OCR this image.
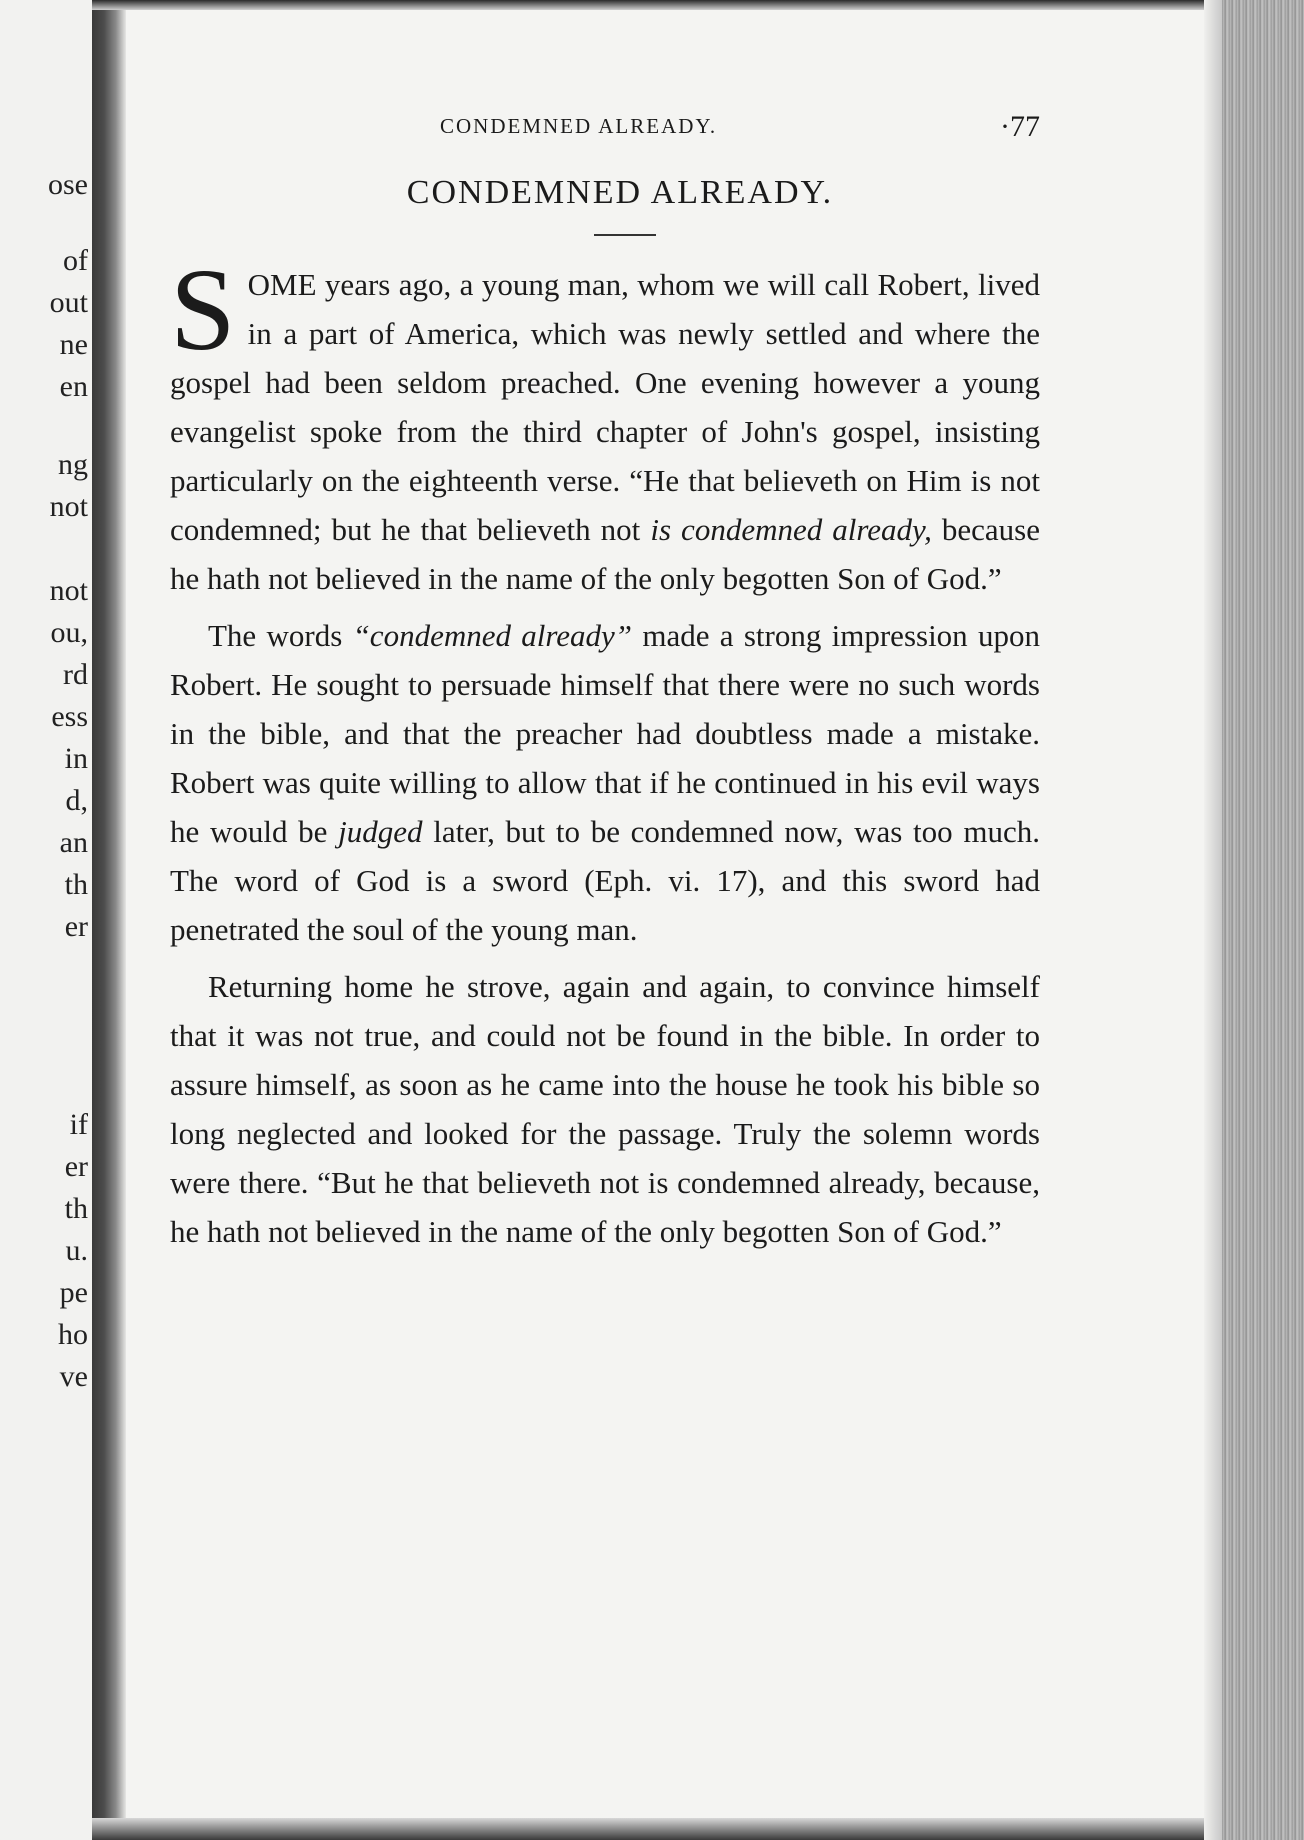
ose
of
out
ne
en
ng
not
not
ou,
rd
ess
in
d,
an
th
er
if
er
th
u.
pe
ho
ve
CONDEMNED ALREADY.	·77
CONDEMNED ALREADY.

SOME years ago, a young man, whom we will call Robert, lived in a part of America, which was newly settled and where the gospel had been seldom preached. One evening however a young evangelist spoke from the third chapter of John's gospel, insisting particularly on the eighteenth verse. “He that believeth on Him is not condemned; but he that believeth not is condemned already, because he hath not believed in the name of the only begotten Son of God.”

The words “condemned already” made a strong impression upon Robert. He sought to persuade himself that there were no such words in the bible, and that the preacher had doubtless made a mistake. Robert was quite willing to allow that if he continued in his evil ways he would be judged later, but to be condemned now, was too much. The word of God is a sword (Eph. vi. 17), and this sword had penetrated the soul of the young man.

Returning home he strove, again and again, to convince himself that it was not true, and could not be found in the bible. In order to assure himself, as soon as he came into the house he took his bible so long neglected and looked for the passage. Truly the solemn words were there. “But he that believeth not is condemned already, because, he hath not believed in the name of the only begotten Son of God.”
